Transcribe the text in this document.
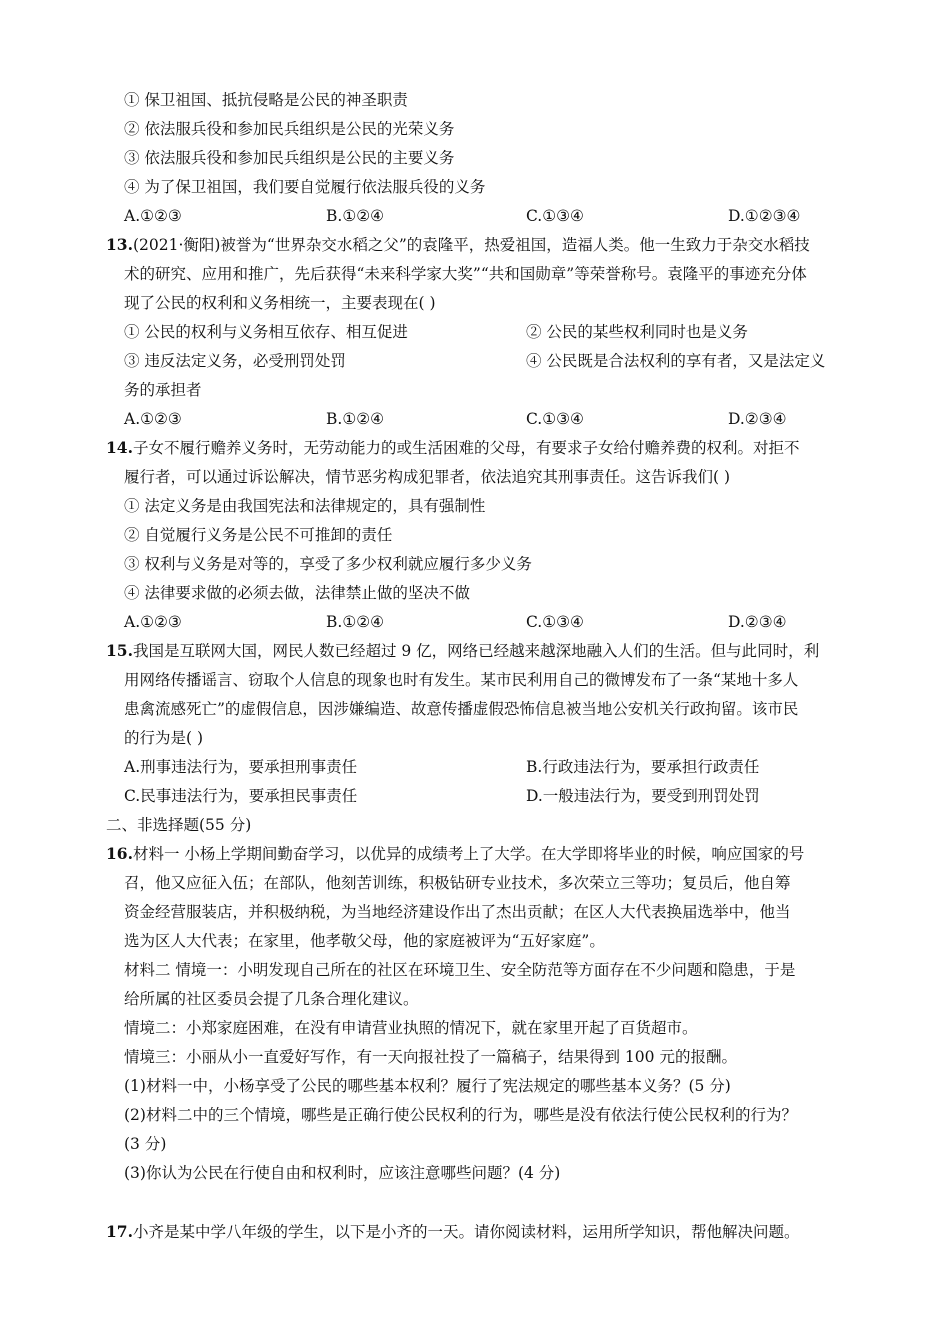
① 保卫祖国、抵抗侵略是公民的神圣职责
② 依法服兵役和参加民兵组织是公民的光荣义务
③ 依法服兵役和参加民兵组织是公民的主要义务
④ 为了保卫祖国，我们要自觉履行依法服兵役的义务
A.①②③	B.①②④	C.①③④	D.①②③④
13.(2021·衡阳)被誉为“世界杂交水稻之父”的袁隆平，热爱祖国，造福人类。他一生致力于杂交水稻技
术的研究、应用和推广，先后获得“未来科学家大奖”“共和国勋章”等荣誉称号。袁隆平的事迹充分体
现了公民的权利和义务相统一，主要表现在( )
① 公民的权利与义务相互依存、相互促进	② 公民的某些权利同时也是义务
③ 违反法定义务，必受刑罚处罚	④ 公民既是合法权利的享有者，又是法定义
务的承担者
A.①②③	B.①②④	C.①③④	D.②③④
14.子女不履行赡养义务时，无劳动能力的或生活困难的父母，有要求子女给付赡养费的权利。对拒不
履行者，可以通过诉讼解决，情节恶劣构成犯罪者，依法追究其刑事责任。这告诉我们( )
① 法定义务是由我国宪法和法律规定的，具有强制性
② 自觉履行义务是公民不可推卸的责任
③ 权利与义务是对等的，享受了多少权利就应履行多少义务
④ 法律要求做的必须去做，法律禁止做的坚决不做
A.①②③	B.①②④	C.①③④	D.②③④
15.我国是互联网大国，网民人数已经超过 9 亿，网络已经越来越深地融入人们的生活。但与此同时，利
用网络传播谣言、窃取个人信息的现象也时有发生。某市民利用自己的微博发布了一条“某地十多人
患禽流感死亡”的虚假信息，因涉嫌编造、故意传播虚假恐怖信息被当地公安机关行政拘留。该市民
的行为是( )
A.刑事违法行为，要承担刑事责任	B.行政违法行为，要承担行政责任
C.民事违法行为，要承担民事责任	D.一般违法行为，要受到刑罚处罚
二、非选择题(55 分)
16.材料一 小杨上学期间勤奋学习，以优异的成绩考上了大学。在大学即将毕业的时候，响应国家的号
召，他又应征入伍；在部队，他刻苦训练，积极钻研专业技术，多次荣立三等功；复员后，他自筹
资金经营服装店，并积极纳税，为当地经济建设作出了杰出贡献；在区人大代表换届选举中，他当
选为区人大代表；在家里，他孝敬父母，他的家庭被评为“五好家庭”。
材料二 情境一：小明发现自己所在的社区在环境卫生、安全防范等方面存在不少问题和隐患，于是
给所属的社区委员会提了几条合理化建议。
情境二：小郑家庭困难，在没有申请营业执照的情况下，就在家里开起了百货超市。
情境三：小丽从小一直爱好写作，有一天向报社投了一篇稿子，结果得到 100 元的报酬。
(1)材料一中，小杨享受了公民的哪些基本权利？履行了宪法规定的哪些基本义务？(5 分)
(2)材料二中的三个情境，哪些是正确行使公民权利的行为，哪些是没有依法行使公民权利的行为？
(3 分)
(3)你认为公民在行使自由和权利时，应该注意哪些问题？(4 分)
17.小齐是某中学八年级的学生，以下是小齐的一天。请你阅读材料，运用所学知识，帮他解决问题。
